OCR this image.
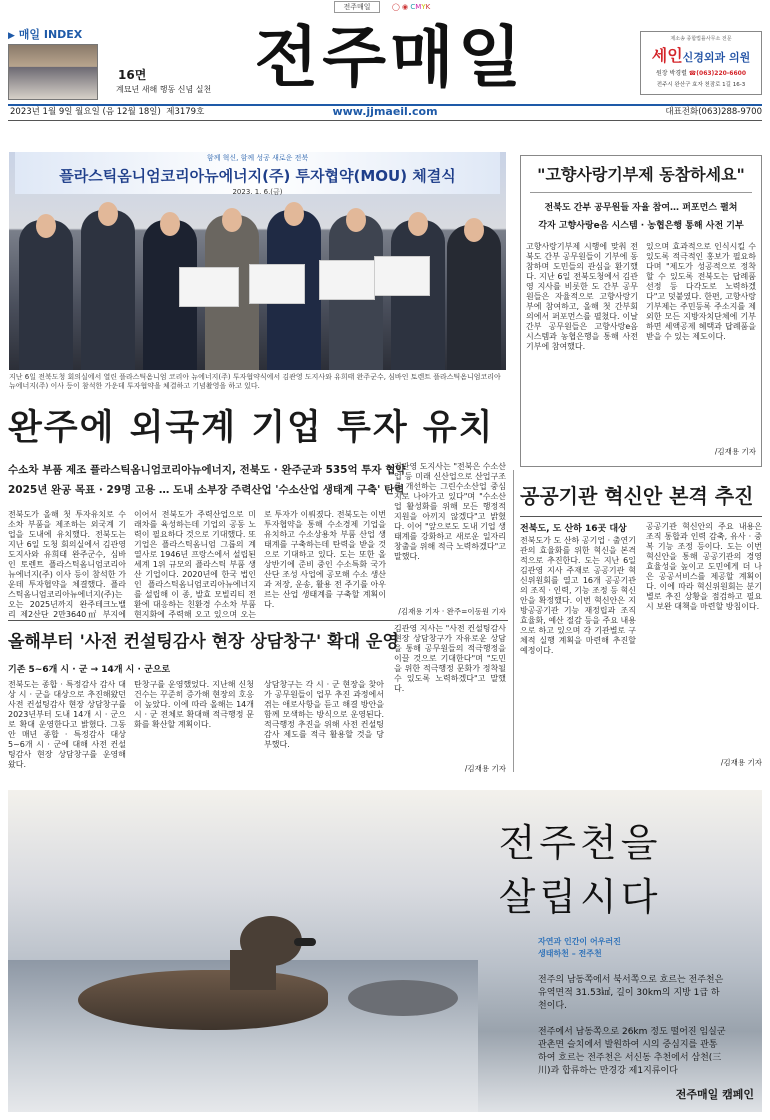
전주매일	◯ ◉ CMYK
▶ 매일 INDEX
16면
계묘년 새해 행동 신념 실천 전주매일	제소송 종합법률사무소 전문
세인신경외과 의원
원장 박경렬 ☎(063)220-6600
전주시 완산구 효자 천잠로 1길 16-3
2023년 1월 9일 월요일 (음 12월 18일) 제3179호	www.jjmaeil.com	대표전화(063)288-9700
함께 혁신, 함께 성공 새로운 전북
플라스틱옴니엄코리아뉴에너지(주) 투자협약(MOU) 체결식
2023. 1. 6.(금)
지난 6일 전북도청 회의실에서 열린 플라스틱옴니엄 코리아 뉴에너지(주) 투자협약식에서 김관영 도지사와 유희태 완주군수, 심바인 토렌트 플라스틱옴니엄코리아뉴에너지(주) 이사 등이 참석한 가운데 투자협약을 체결하고 기념촬영을 하고 있다.
완주에 외국계 기업 투자 유치
수소차 부품 제조 플라스틱옴니엄코리아뉴에너지, 전북도 · 완주군과 535억 투자 협약
2025년 완공 목표 · 29명 고용 … 도내 소부장 주력산업 '수소산업 생태계 구축' 탄력
전북도가 올해 첫 투자유치로 수소차 부품을 제조하는 외국계 기업을 도내에 유치했다. 전북도는 지난 6일 도청 회의실에서 김관영 도지사와 유희태 완주군수, 심바인 토렌트 플라스틱옴니엄코리아뉴에너지(주) 이사 등이 참석한 가운데 투자협약을 체결했다. 플라스틱옴니엄코리아뉴에너지(주)는 오는 2025년까지 완주테크노밸리 제2산단 2만3640㎡ 부지에
이어서 전북도가 주력산업으로 미래차를 육성하는데 기업의 공동 노력이 필요하다 것으로 기대했다. 또 기업은 플라스틱옴니엄 그룹의 계열사로 1946년 프랑스에서 설립된 세계 1위 규모의 플라스틱 부품 생산 기업이다. 2020년에 한국 법인인 플라스틱옴니엄코리아뉴에너지를 설립해 이 종, 발효 모빌리티 전환에 대응하는 친환경 수소차 부품 현지화에 주력해 오고 있으며 오는
로 투자가 이뤄졌다. 전북도는 이번 투자협약을 통해 수소경제 기업을 유치하고 수소상용차 부품 산업 생태계를 구축하는데 탄력을 받을 것으로 기대하고 있다. 도는 또한 올 상반기에 준비 중인 수소특화 국가산단 조성 사업에 공모해 수소 생산과 저장, 운송, 활용 전 주기를 아우르는 산업 생태계를 구축할 계획이다.
김관영 도지사는 "전북은 수소산업 등 미래 신산업으로 산업구조를 개선하는 그린수소산업 중심지로 나아가고 있다"며 "수소산업 활성화를 위해 모든 행정적 지원을 아끼지 않겠다"고 밝혔다. 이어 "앞으로도 도내 기업 생태계를 강화하고 새로운 일자리 창출을 위해 적극 노력하겠다"고 말했다.
/김재용 기자 · 완주=이동원 기자
"고향사랑기부제 동참하세요"
전북도 간부 공무원들 자율 참여… 퍼포먼스 펼쳐
각자 고향사랑e음 시스템 · 농협은행 통해 사전 기부
고향사랑기부제 시행에 맞춰 전북도 간부 공무원들이 기부에 동참하며 도민들의 관심을 환기했다. 지난 6일 전북도청에서 김관영 지사를 비롯한 도 간부 공무원들은 자율적으로 고향사랑기부에 참여하고, 올해 첫 간부회의에서 퍼포먼스를 펼쳤다. 이날 간부 공무원들은 고향사랑e음 시스템과 농협은행을 통해 사전 기부에 참여했다.
있으며 효과적으로 인식시킬 수 있도록 적극적인 홍보가 필요하다며 "제도가 성공적으로 정착할 수 있도록 전북도는 답례품 선정 등 다각도로 노력하겠다"고 덧붙였다. 한편, 고향사랑기부제는 주민등록 주소지를 제외한 모든 지방자치단체에 기부하면 세액공제 혜택과 답례품을 받을 수 있는 제도이다.
/김재용 기자
공공기관 혁신안 본격 추진
전북도, 도 산하 16곳 대상
전북도가 도 산하 공기업 · 출연기관의 효율화를 위한 혁신을 본격적으로 추진한다. 도는 지난 6일 김관영 지사 주재로 공공기관 혁신위원회를 열고 16개 공공기관의 조직 · 인력, 기능 조정 등 혁신안을 확정했다. 이번 혁신안은 지방공공기관 기능 재정립과 조직 효율화, 예산 절감 등을 주요 내용으로 하고 있으며 각 기관별로 구체적 실행 계획을 마련해 추진할 예정이다.
공공기관 혁신안의 주요 내용은 조직 통합과 인력 감축, 유사 · 중복 기능 조정 등이다. 도는 이번 혁신안을 통해 공공기관의 경영 효율성을 높이고 도민에게 더 나은 공공서비스를 제공할 계획이다. 이에 따라 혁신위원회는 분기별로 추진 상황을 점검하고 필요시 보완 대책을 마련할 방침이다.
/김재용 기자
올해부터 '사전 컨설팅감사 현장 상담창구' 확대 운영
기존 5~6개 시 · 군 → 14개 시 · 군으로
전북도는 종합 · 특정감사 감사 대상 시 · 군을 대상으로 추진해왔던 사전 컨설팅감사 현장 상담창구를 2023년부터 도내 14개 시 · 군으로 확대 운영한다고 밝혔다. 그동안 매년 종합 · 특정감사 대상 5~6개 시 · 군에 대해 사전 컨설팅감사 현장 상담창구를 운영해 왔다.
탄창구를 운영했었다. 지난해 신청 건수는 꾸준히 증가해 현장의 호응이 높았다. 이에 따라 올해는 14개 시 · 군 전체로 확대해 적극행정 문화를 확산할 계획이다.
상담창구는 각 시 · 군 현장을 찾아가 공무원들이 업무 추진 과정에서 겪는 애로사항을 듣고 해결 방안을 함께 모색하는 방식으로 운영된다. 적극행정 추진을 위해 사전 컨설팅감사 제도를 적극 활용할 것을 당부했다.
김관영 지사는 "사전 컨설팅감사 현장 상담창구가 자유로운 상담을 통해 공무원들의 적극행정을 이끌 것으로 기대한다"며 "도민을 위한 적극행정 문화가 정착될 수 있도록 노력하겠다"고 말했다.
/김재용 기자
전주천을
살립시다
자연과 인간이 어우러진
생태하천 – 전주천
전주의 남동쪽에서 북서쪽으로 흐르는 전주천은 유역면적 31.53㎢, 길이 30km의 지방 1급 하천이다.
전주에서 남동쪽으로 26km 정도 떨어진 임실군 관촌면 슬치에서 발원하여 시의 중심지를 관통 하여 흐르는 전주천은 서신동 추천에서 삼천(三川)과 합류하는 만경강 제1지류이다
전주매일 캠페인
